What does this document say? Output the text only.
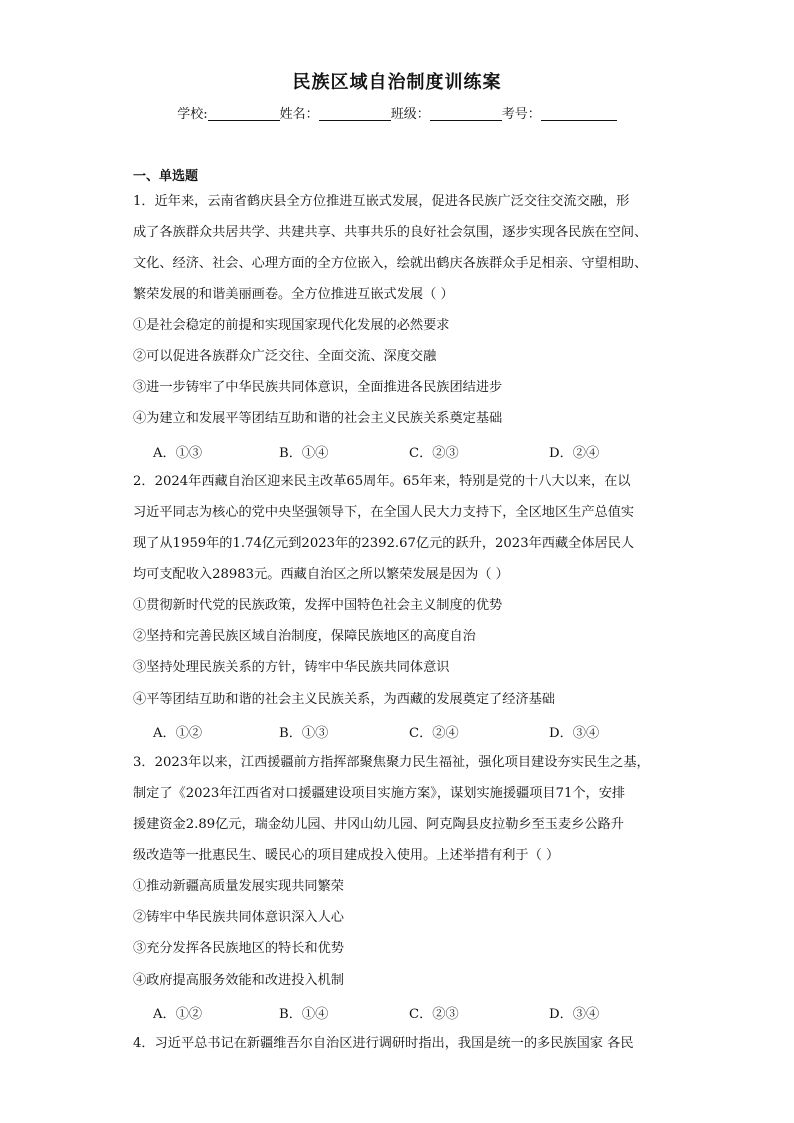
民族区域自治制度训练案
学校:	姓名：	班级：	考号：
一、单选题
1．近年来，云南省鹤庆县全方位推进互嵌式发展，促进各民族广泛交往交流交融，形
成了各族群众共居共学、共建共享、共事共乐的良好社会氛围，逐步实现各民族在空间、
文化、经济、社会、心理方面的全方位嵌入，绘就出鹤庆各族群众手足相亲、守望相助、
繁荣发展的和谐美丽画卷。全方位推进互嵌式发展（ ）
①是社会稳定的前提和实现国家现代化发展的必然要求
②可以促进各族群众广泛交往、全面交流、深度交融
③进一步铸牢了中华民族共同体意识，全面推进各民族团结进步
④为建立和发展平等团结互助和谐的社会主义民族关系奠定基础
A．①③	B．①④	C．②③	D．②④
2．2024年西藏自治区迎来民主改革65周年。65年来，特别是党的十八大以来，在以
习近平同志为核心的党中央坚强领导下，在全国人民大力支持下，全区地区生产总值实
现了从1959年的1.74亿元到2023年的2392.67亿元的跃升，2023年西藏全体居民人
均可支配收入28983元。西藏自治区之所以繁荣发展是因为（ ）
①贯彻新时代党的民族政策，发挥中国特色社会主义制度的优势
②坚持和完善民族区域自治制度，保障民族地区的高度自治
③坚持处理民族关系的方针，铸牢中华民族共同体意识
④平等团结互助和谐的社会主义民族关系，为西藏的发展奠定了经济基础
A．①②	B．①③	C．②④	D．③④
3．2023年以来，江西援疆前方指挥部聚焦聚力民生福祉，强化项目建设夯实民生之基，
制定了《2023年江西省对口援疆建设项目实施方案》，谋划实施援疆项目71个，安排
援建资金2.89亿元，瑞金幼儿园、井冈山幼儿园、阿克陶县皮拉勒乡至玉麦乡公路升
级改造等一批惠民生、暖民心的项目建成投入使用。上述举措有利于（ ）
①推动新疆高质量发展实现共同繁荣
②铸牢中华民族共同体意识深入人心
③充分发挥各民族地区的特长和优势
④政府提高服务效能和改进投入机制
A．①②	B．①④	C．②③	D．③④
4．习近平总书记在新疆维吾尔自治区进行调研时指出，我国是统一的多民族国家 各民
